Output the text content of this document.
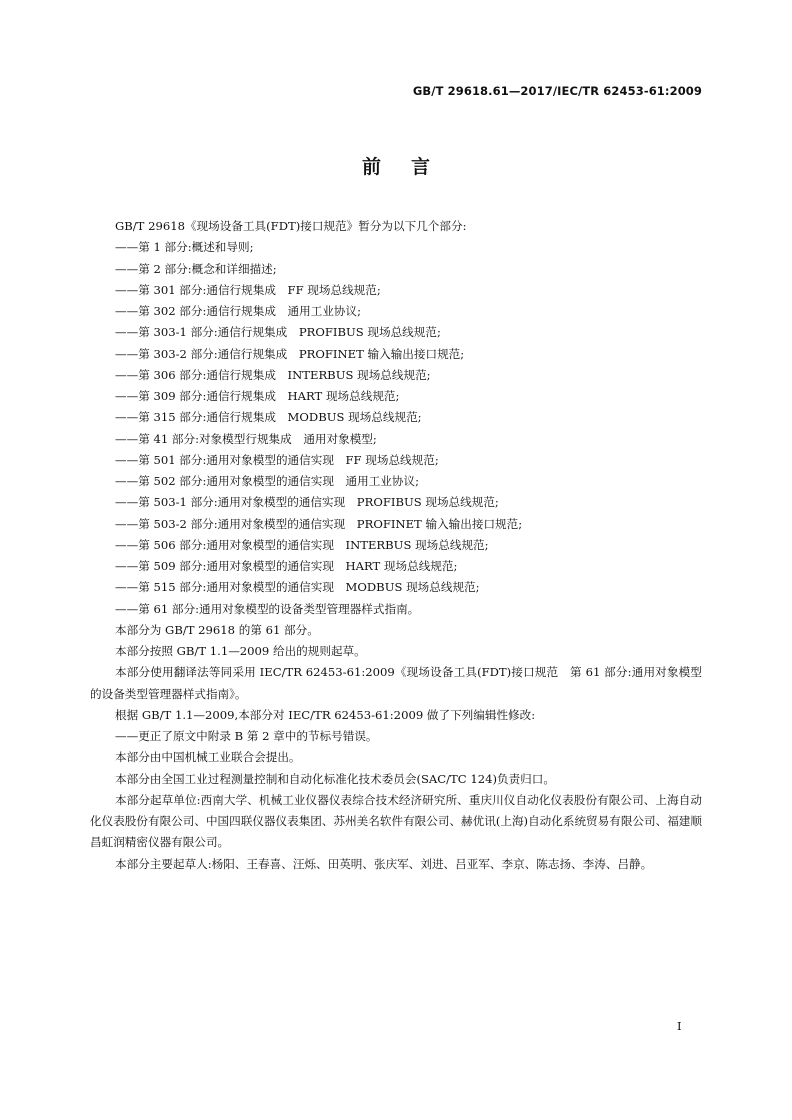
GB/T 29618.61—2017/IEC/TR 62453-61:2009
前言

GB/T 29618《现场设备工具(FDT)接口规范》暂分为以下几个部分:

——第 1 部分:概述和导则;

——第 2 部分:概念和详细描述;

——第 301 部分:通信行规集成　FF 现场总线规范;

——第 302 部分:通信行规集成　通用工业协议;

——第 303-1 部分:通信行规集成　PROFIBUS 现场总线规范;

——第 303-2 部分:通信行规集成　PROFINET 输入输出接口规范;

——第 306 部分:通信行规集成　INTERBUS 现场总线规范;

——第 309 部分:通信行规集成　HART 现场总线规范;

——第 315 部分:通信行规集成　MODBUS 现场总线规范;

——第 41 部分:对象模型行规集成　通用对象模型;

——第 501 部分:通用对象模型的通信实现　FF 现场总线规范;

——第 502 部分:通用对象模型的通信实现　通用工业协议;

——第 503-1 部分:通用对象模型的通信实现　PROFIBUS 现场总线规范;

——第 503-2 部分:通用对象模型的通信实现　PROFINET 输入输出接口规范;

——第 506 部分:通用对象模型的通信实现　INTERBUS 现场总线规范;

——第 509 部分:通用对象模型的通信实现　HART 现场总线规范;

——第 515 部分:通用对象模型的通信实现　MODBUS 现场总线规范;

——第 61 部分:通用对象模型的设备类型管理器样式指南。

本部分为 GB/T 29618 的第 61 部分。

本部分按照 GB/T 1.1—2009 给出的规则起草。

本部分使用翻译法等同采用 IEC/TR 62453-61:2009《现场设备工具(FDT)接口规范　第 61 部分:通用对象模型的设备类型管理器样式指南》。

根据 GB/T 1.1—2009,本部分对 IEC/TR 62453-61:2009 做了下列编辑性修改:

——更正了原文中附录 B 第 2 章中的节标号错误。

本部分由中国机械工业联合会提出。

本部分由全国工业过程测量控制和自动化标准化技术委员会(SAC/TC 124)负责归口。

本部分起草单位:西南大学、机械工业仪器仪表综合技术经济研究所、重庆川仪自动化仪表股份有限公司、上海自动化仪表股份有限公司、中国四联仪器仪表集团、苏州美名软件有限公司、赫优讯(上海)自动化系统贸易有限公司、福建顺昌虹润精密仪器有限公司。

本部分主要起草人:杨阳、王春喜、汪烁、田英明、张庆军、刘进、吕亚军、李京、陈志扬、李涛、吕静。

I
